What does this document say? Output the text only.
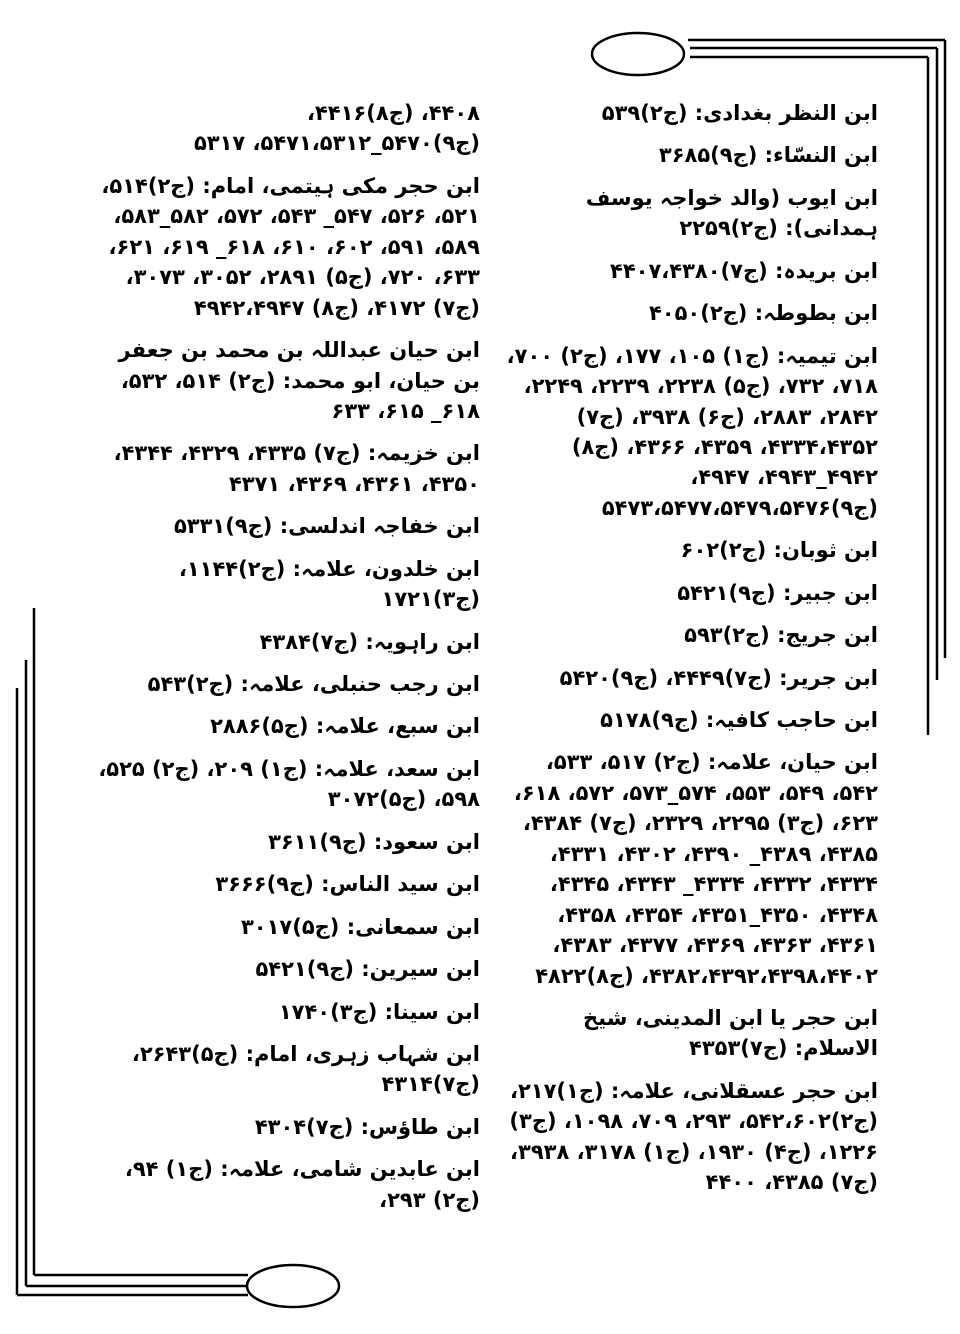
ابن النظر بغدادی: (ج۲)۵۳۹

ابن النسّاء: (ج۹)۳۶۸۵

ابن ایوب (والد خواجہ یوسف ہمدانی): (ج۲)۲۲۵۹

ابن بریدہ: (ج۷)۴۴۰۷،۴۳۸۰

ابن بطوطہ: (ج۲)۴۰۵۰

ابن تیمیہ: (ج۱) ۱۰۵، ۱۷۷، (ج۲) ۷۰۰، ۷۱۸، ۷۳۲، (ج۵) ۲۲۳۸، ۲۲۳۹، ۲۲۴۹، ۲۸۴۲، ۲۸۸۳، (ج۶) ۳۹۳۸، (ج۷) ۴۳۳۴،۴۳۵۲، ۴۳۵۹، ۴۳۶۶، (ج۸) ۴۹۴۲_۴۹۴۳، ۴۹۴۷، (ج۹)۵۴۷۳،۵۴۷۷،۵۴۷۹،۵۴۷۶

ابن ثوبان: (ج۲)۶۰۲

ابن جبیر: (ج۹)۵۴۲۱

ابن جریج: (ج۲)۵۹۳

ابن جریر: (ج۷)۴۴۴۹، (ج۹)۵۴۲۰

ابن حاجب کافیہ: (ج۹)۵۱۷۸

ابن حیان، علامہ: (ج۲) ۵۱۷، ۵۳۳، ۵۴۲، ۵۴۹، ۵۵۳، ۵۷۴_۵۷۳، ۵۷۲، ۶۱۸، ۶۲۳، (ج۳) ۲۲۹۵، ۲۳۲۹، (ج۷) ۴۳۸۴، ۴۳۸۵، ۴۳۸۹_ ۴۳۹۰، ۴۳۰۲، ۴۳۳۱، ۴۳۳۴، ۴۳۳۲، ۴۳۳۴_ ۴۳۴۳، ۴۳۴۵، ۴۳۴۸، ۴۳۵۰_۴۳۵۱، ۴۳۵۴، ۴۳۵۸، ۴۳۶۱، ۴۳۶۳، ۴۳۶۹، ۴۳۷۷، ۴۳۸۳، ۴۳۸۲،۴۳۹۲،۴۳۹۸،۴۴۰۲، (ج۸)۴۸۲۲

ابن حجر یا ابن المدینی، شیخ الاسلام: (ج۷)۴۳۵۳

ابن حجر عسقلانی، علامہ: (ج۱)۲۱۷، (ج۲)۵۴۲،۶۰۲، ۲۹۳، ۷۰۹، ۱۰۹۸، (ج۳) ۱۲۲۶، (ج۴) ۱۹۳۰، (ج۱) ۳۱۷۸، ۳۹۳۸، (ج۷) ۴۳۸۵، ۴۴۰۰

۴۴۰۸، (ج۸)۴۴۱۶، (ج۹)۵۴۷۰_۵۴۷۱،۵۳۱۲، ۵۳۱۷

ابن حجر مکی ہیتمی، امام: (ج۲)۵۱۴، ۵۲۱، ۵۲۶، ۵۴۷_ ۵۴۳، ۵۷۲، ۵۸۲_۵۸۳، ۵۸۹، ۵۹۱، ۶۰۲، ۶۱۰، ۶۱۸_ ۶۱۹، ۶۲۱، ۶۳۳، ۷۲۰، (ج۵) ۲۸۹۱، ۳۰۵۲، ۳۰۷۳، (ج۷) ۴۱۷۲، (ج۸) ۴۹۴۲،۴۹۴۷

ابن حیان عبداللہ بن محمد بن جعفر بن حیان، ابو محمد: (ج۲) ۵۱۴، ۵۳۲، ۶۱۸_ ۶۱۵، ۶۳۳

ابن خزیمہ: (ج۷) ۴۳۳۵، ۴۳۲۹، ۴۳۴۴، ۴۳۵۰، ۴۳۶۱، ۴۳۶۹، ۴۳۷۱

ابن خفاجہ اندلسی: (ج۹)۵۳۳۱

ابن خلدون، علامہ: (ج۲)۱۱۴۴، (ج۳)۱۷۲۱

ابن راہویہ: (ج۷)۴۳۸۴

ابن رجب حنبلی، علامہ: (ج۲)۵۴۳

ابن سبع، علامہ: (ج۵)۲۸۸۶

ابن سعد، علامہ: (ج۱) ۲۰۹، (ج۲) ۵۲۵، ۵۹۸، (ج۵)۳۰۷۲

ابن سعود: (ج۹)۳۶۱۱

ابن سید الناس: (ج۹)۳۶۶۶

ابن سمعانی: (ج۵)۳۰۱۷

ابن سیرین: (ج۹)۵۴۲۱

ابن سینا: (ج۳)۱۷۴۰

ابن شہاب زہری، امام: (ج۵)۲۶۴۳، (ج۷)۴۳۱۴

ابن طاؤس: (ج۷)۴۳۰۴

ابن عابدین شامی، علامہ: (ج۱) ۹۴، (ج۲) ۲۹۳،
